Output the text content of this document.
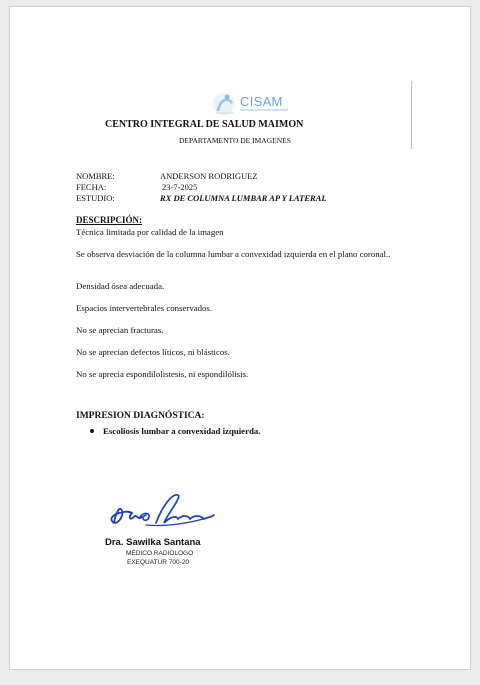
CISAM
CENTRO INTEGRAL DE SALUD MAIMON
DEPARTAMENTO DE IMAGENES
NOMBRE:	ANDERSON RODRIGUEZ
FECHA:	23-7-2025
ESTUDIO:	RX DE COLUMNA LUMBAR AP Y LATERAL
DESCRIPCIÓN:
Técnica limitada por calidad de la imagen
Se observa desviación de la columna lumbar a convexidad izquierda en el plano coronal..
Densidad ósea adecuada.
Espacios intervertebrales conservados.
No se aprecian fracturas.
No se aprecian defectos líticos, ni blásticos.
No se aprecia espondilolistesis, ni espondilólisis.
IMPRESION DIAGNÓSTICA:
Escoliosis lumbar a convexidad izquierda.
Dra. Sawilka Santana
MÉDICO RADIÓLOGO
EXEQUATUR 700-20
